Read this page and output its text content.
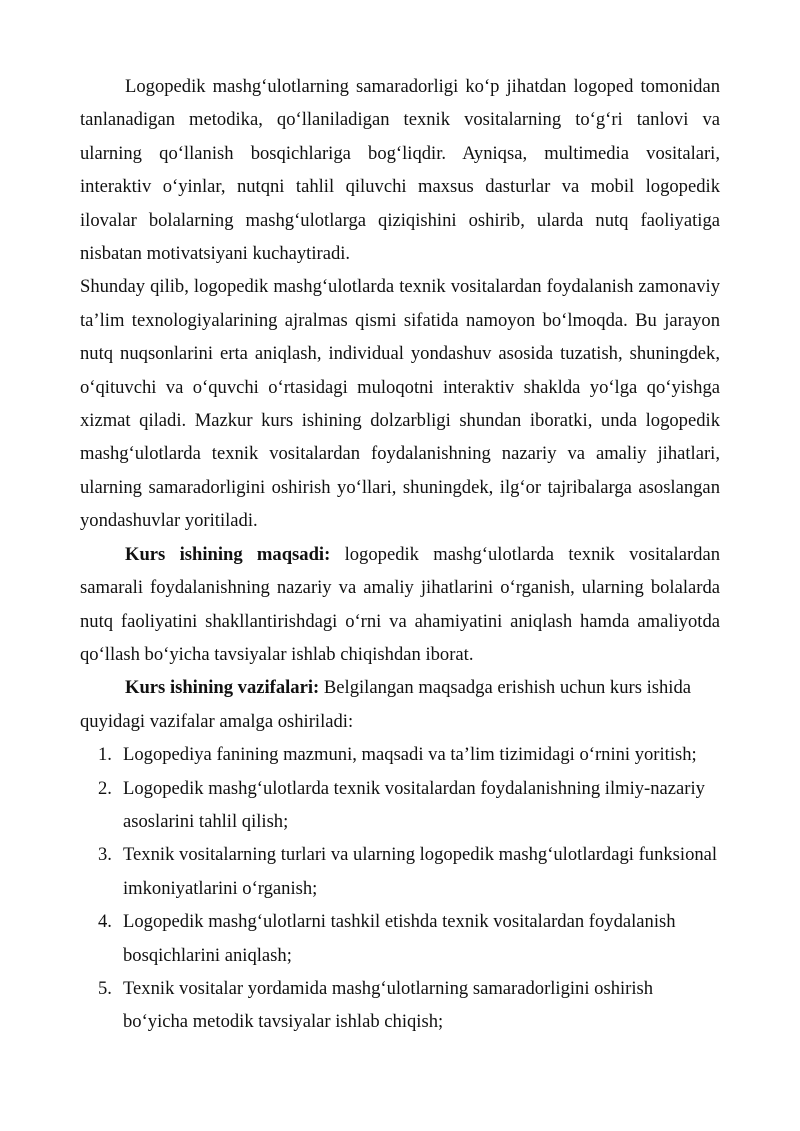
Logopedik mashg‘ulotlarning samaradorligi ko‘p jihatdan logoped tomonidan tanlanadigan metodika, qo‘llaniladigan texnik vositalarning to‘g‘ri tanlovi va ularning qo‘llanish bosqichlariga bog‘liqdir. Ayniqsa, multimedia vositalari, interaktiv o‘yinlar, nutqni tahlil qiluvchi maxsus dasturlar va mobil logopedik ilovalar bolalarning mashg‘ulotlarga qiziqishini oshirib, ularda nutq faoliyatiga nisbatan motivatsiyani kuchaytiradi.

Shunday qilib, logopedik mashg‘ulotlarda texnik vositalardan foydalanish zamonaviy ta’lim texnologiyalarining ajralmas qismi sifatida namoyon bo‘lmoqda. Bu jarayon nutq nuqsonlarini erta aniqlash, individual yondashuv asosida tuzatish, shuningdek, o‘qituvchi va o‘quvchi o‘rtasidagi muloqotni interaktiv shaklda yo‘lga qo‘yishga xizmat qiladi. Mazkur kurs ishining dolzarbligi shundan iboratki, unda logopedik mashg‘ulotlarda texnik vositalardan foydalanishning nazariy va amaliy jihatlari, ularning samaradorligini oshirish yo‘llari, shuningdek, ilg‘or tajribalarga asoslangan yondashuvlar yoritiladi.

Kurs ishining maqsadi: logopedik mashg‘ulotlarda texnik vositalardan samarali foydalanishning nazariy va amaliy jihatlarini o‘rganish, ularning bolalarda nutq faoliyatini shakllantirishdagi o‘rni va ahamiyatini aniqlash hamda amaliyotda qo‘llash bo‘yicha tavsiyalar ishlab chiqishdan iborat.

Kurs ishining vazifalari: Belgilangan maqsadga erishish uchun kurs ishida quyidagi vazifalar amalga oshiriladi:

1. Logopediya fanining mazmuni, maqsadi va ta’lim tizimidagi o‘rnini yoritish;
2. Logopedik mashg‘ulotlarda texnik vositalardan foydalanishning ilmiy-nazariy asoslarini tahlil qilish;
3. Texnik vositalarning turlari va ularning logopedik mashg‘ulotlardagi funksional imkoniyatlarini o‘rganish;
4. Logopedik mashg‘ulotlarni tashkil etishda texnik vositalardan foydalanish bosqichlarini aniqlash;
5. Texnik vositalar yordamida mashg‘ulotlarning samaradorligini oshirish bo‘yicha metodik tavsiyalar ishlab chiqish;
